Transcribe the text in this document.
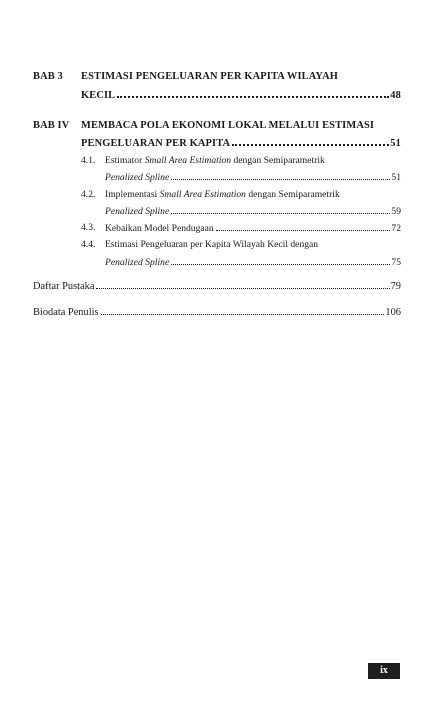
BAB 3 ESTIMASI PENGELUARAN PER KAPITA WILAYAH
KECIL	48
BAB IV MEMBACA POLA EKONOMI LOKAL MELALUI ESTIMASI
PENGELUARAN PER KAPITA	51
4.1. Estimator
Small Area Estimation
dengan Semiparametrik
Penalized Spline	51
4.2. Implementasi
Small Area Estimation
dengan Semiparametrik
Penalized Spline	59
4.3. Kebaikan Model Pendugaan	72
4.4. Estimasi Pengeluaran per Kapita Wilayah Kecil dengan
Penalized Spline	75
Daftar Pustaka	79
Biodata Penulis	106
ix
